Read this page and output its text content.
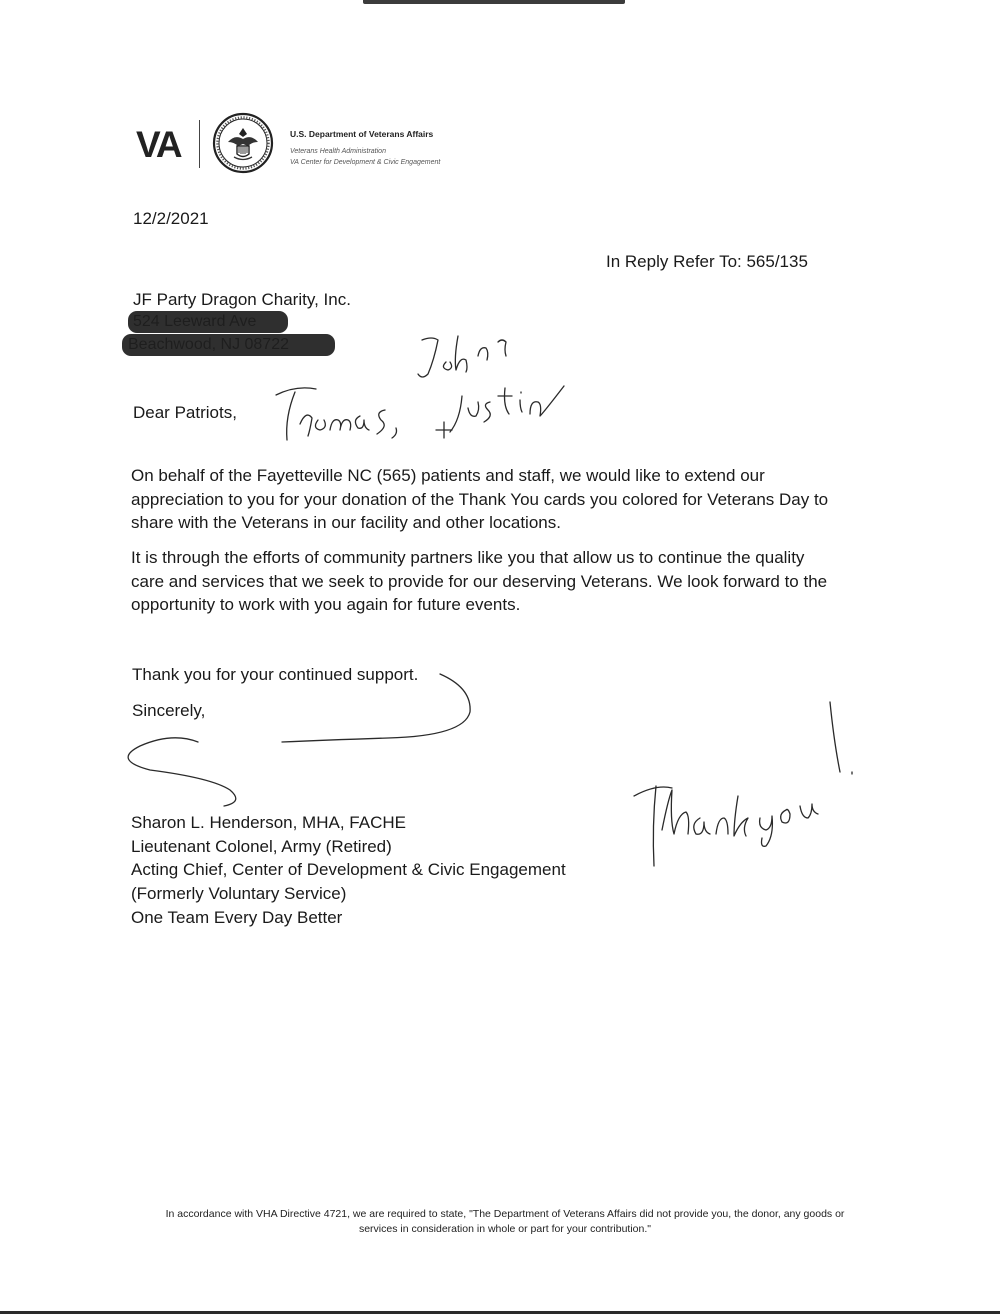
VA	U.S. Department of Veterans Affairs
Veterans Health Administration
VA Center for Development & Civic Engagement
12/2/2021
In Reply Refer To: 565/135
JF Party Dragon Charity, Inc.
Dear Patriots,

On behalf of the Fayetteville NC (565) patients and staff, we would like to extend our appreciation to you for your donation of the Thank You cards you colored for Veterans Day to share with the Veterans in our facility and other locations.

It is through the efforts of community partners like you that allow us to continue the quality care and services that we seek to provide for our deserving Veterans. We look forward to the opportunity to work with you again for future events.

Thank you for your continued support.
Sincerely,
Sharon L. Henderson, MHA, FACHE
Lieutenant Colonel, Army (Retired)
Acting Chief, Center of Development & Civic Engagement
(Formerly Voluntary Service)
One Team Every Day Better
In accordance with VHA Directive 4721, we are required to state, "The Department of Veterans Affairs did not provide you, the donor, any goods or
services in consideration in whole or part for your contribution."
